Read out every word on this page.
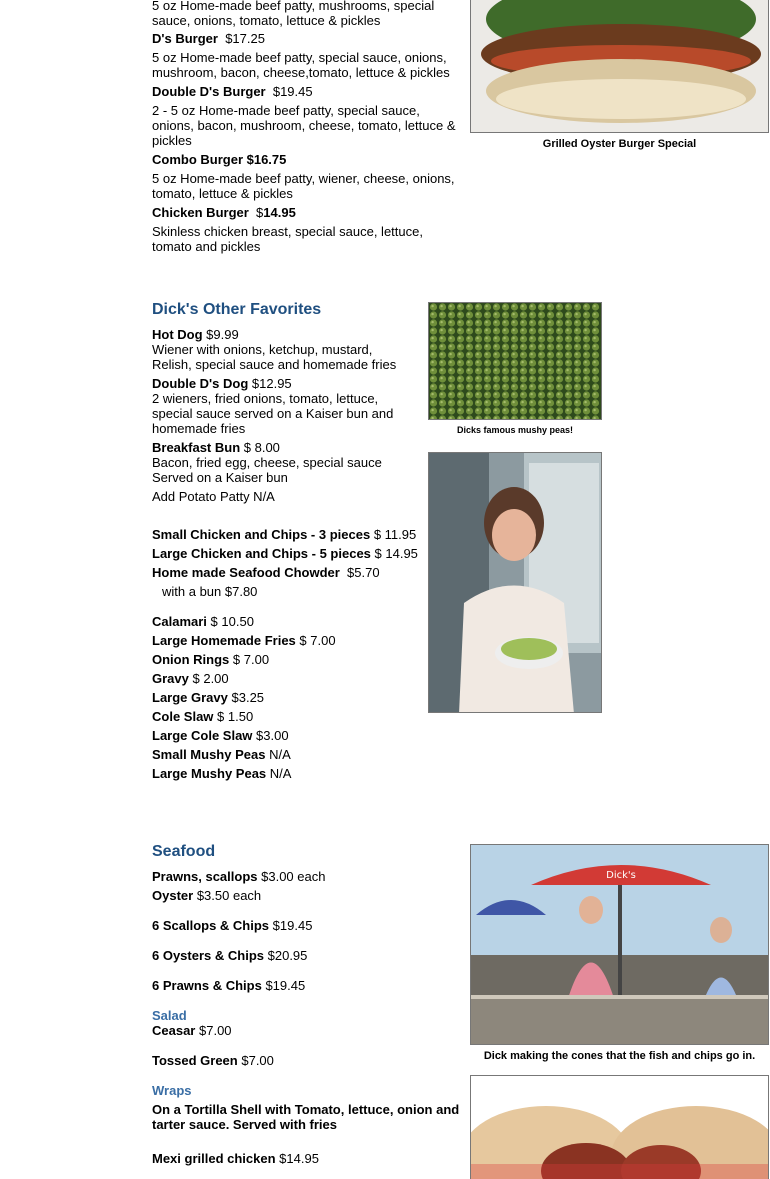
5 oz Home-made beef patty, mushrooms, special sauce, onions, tomato, lettuce & pickles
D's Burger $17.25
5 oz Home-made beef patty, special sauce, onions, mushroom, bacon, cheese,tomato, lettuce & pickles
Double D's Burger $19.45
2 - 5 oz Home-made beef patty, special sauce, onions, bacon, mushroom, cheese, tomato, lettuce & pickles
Combo Burger $16.75
5 oz Home-made beef patty, wiener, cheese, onions, tomato, lettuce & pickles
Chicken Burger $14.95
Skinless chicken breast, special sauce, lettuce, tomato and pickles
Grilled Oyster Burger Special
Dick's Other Favorites
Hot Dog $9.99
Wiener with onions, ketchup, mustard,
Relish, special sauce and homemade fries
Double D's Dog $12.95
2 wieners, fried onions, tomato, lettuce, special sauce served on a Kaiser bun and homemade fries
Breakfast Bun $ 8.00
Bacon, fried egg, cheese, special sauce
Served on a Kaiser bun
Add Potato Patty N/A
Small Chicken and Chips - 3 pieces $ 11.95
Large Chicken and Chips - 5 pieces $ 14.95
Home made Seafood Chowder $5.70
with a bun $7.80
Calamari $ 10.50
Large Homemade Fries $ 7.00
Onion Rings $ 7.00
Gravy $ 2.00
Large Gravy $3.25
Cole Slaw $ 1.50
Large Cole Slaw $3.00
Small Mushy Peas N/A
Large Mushy Peas N/A
Dicks famous mushy peas!
Seafood
Prawns, scallops $3.00 each
Oyster $3.50 each
6 Scallops & Chips $19.45
6 Oysters & Chips $20.95
6 Prawns & Chips $19.45
Salad
Ceasar $7.00
Tossed Green $7.00
Wraps
On a Tortilla Shell with Tomato, lettuce, onion and tarter sauce. Served with fries
Mexi grilled chicken $14.95
Dick's
Dick making the cones that the fish and chips go in.
